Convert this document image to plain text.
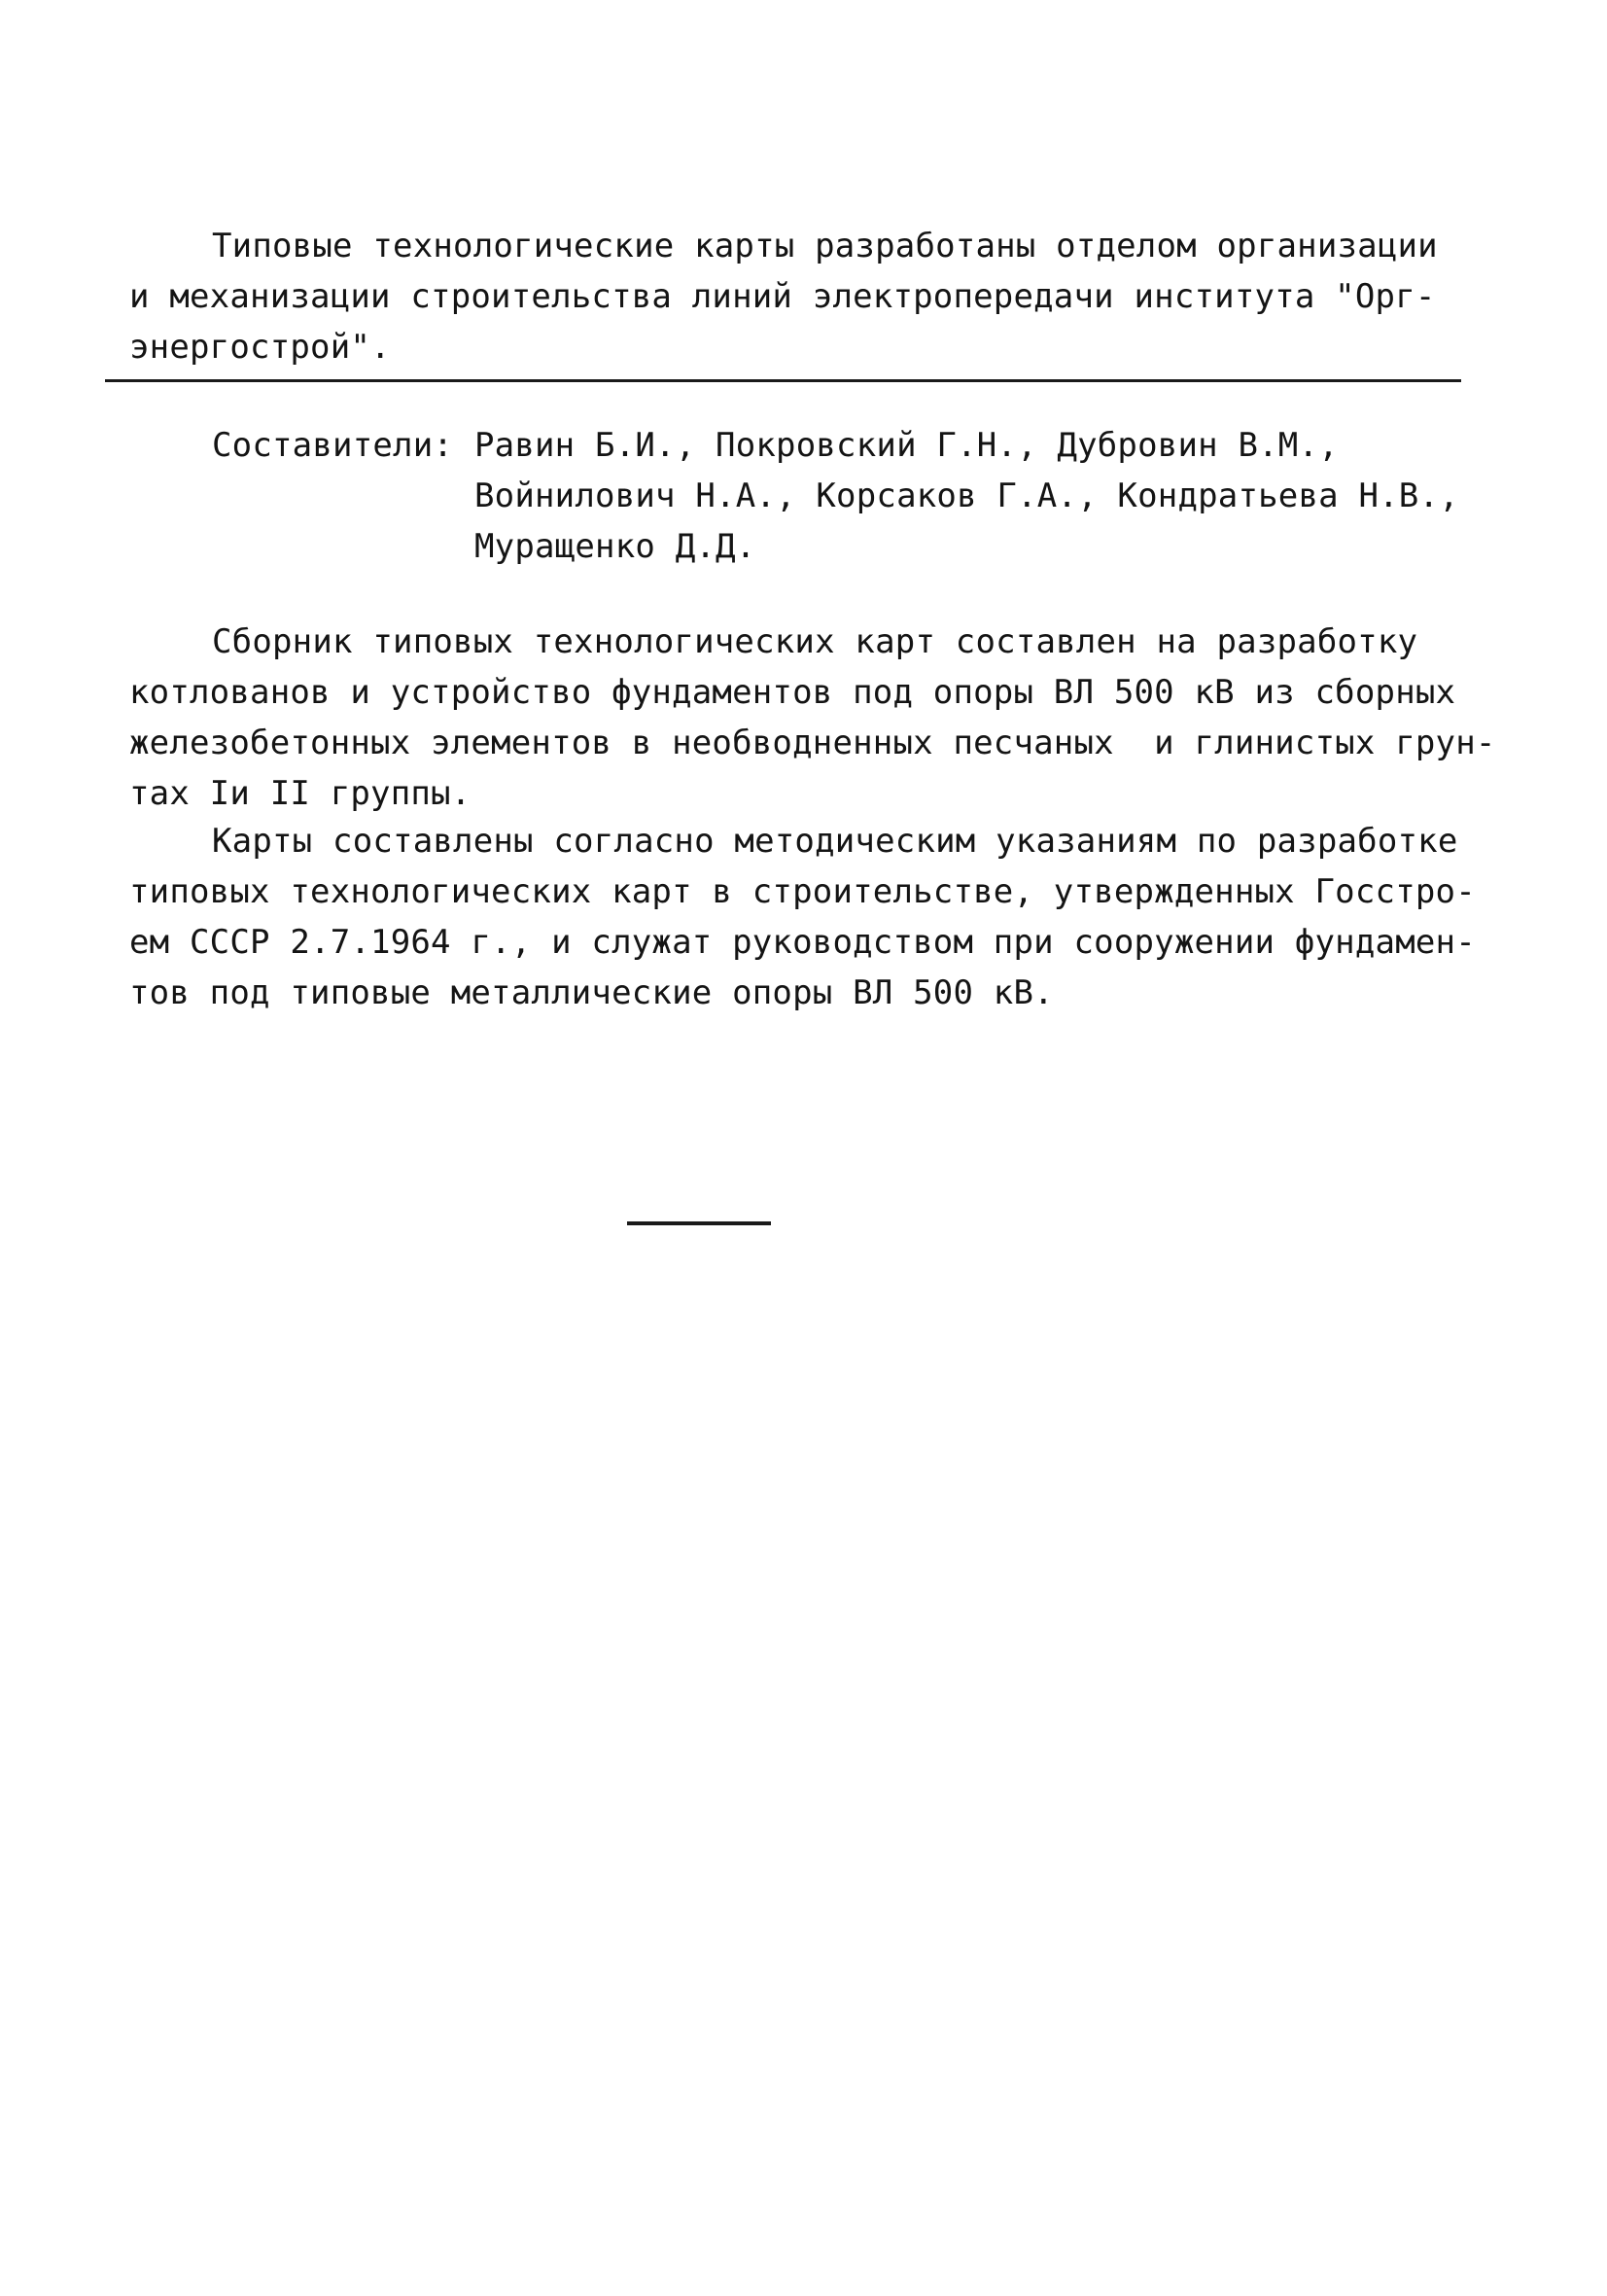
Типовые технологические карты разработаны отделом организации
и механизации строительства линий электропередачи института "Орг-
энергострой".
Составители: Равин Б.И., Покровский Г.Н., Дубровин В.М.,
Войнилович Н.А., Корсаков Г.А., Кондратьева Н.В.,
Муращенко Д.Д.
Сборник типовых технологических карт составлен на разработку
котлованов и устройство фундаментов под опоры ВЛ 500 кВ из сборных
железобетонных элементов в необводненных песчаных  и глинистых грун-
тах Iи II группы.
Карты составлены согласно методическим указаниям по разработке
типовых технологических карт в строительстве, утвержденных Госстро-
ем СССР 2.7.1964 г., и служат руководством при сооружении фундамен-
тов под типовые металлические опоры ВЛ 500 кВ.
